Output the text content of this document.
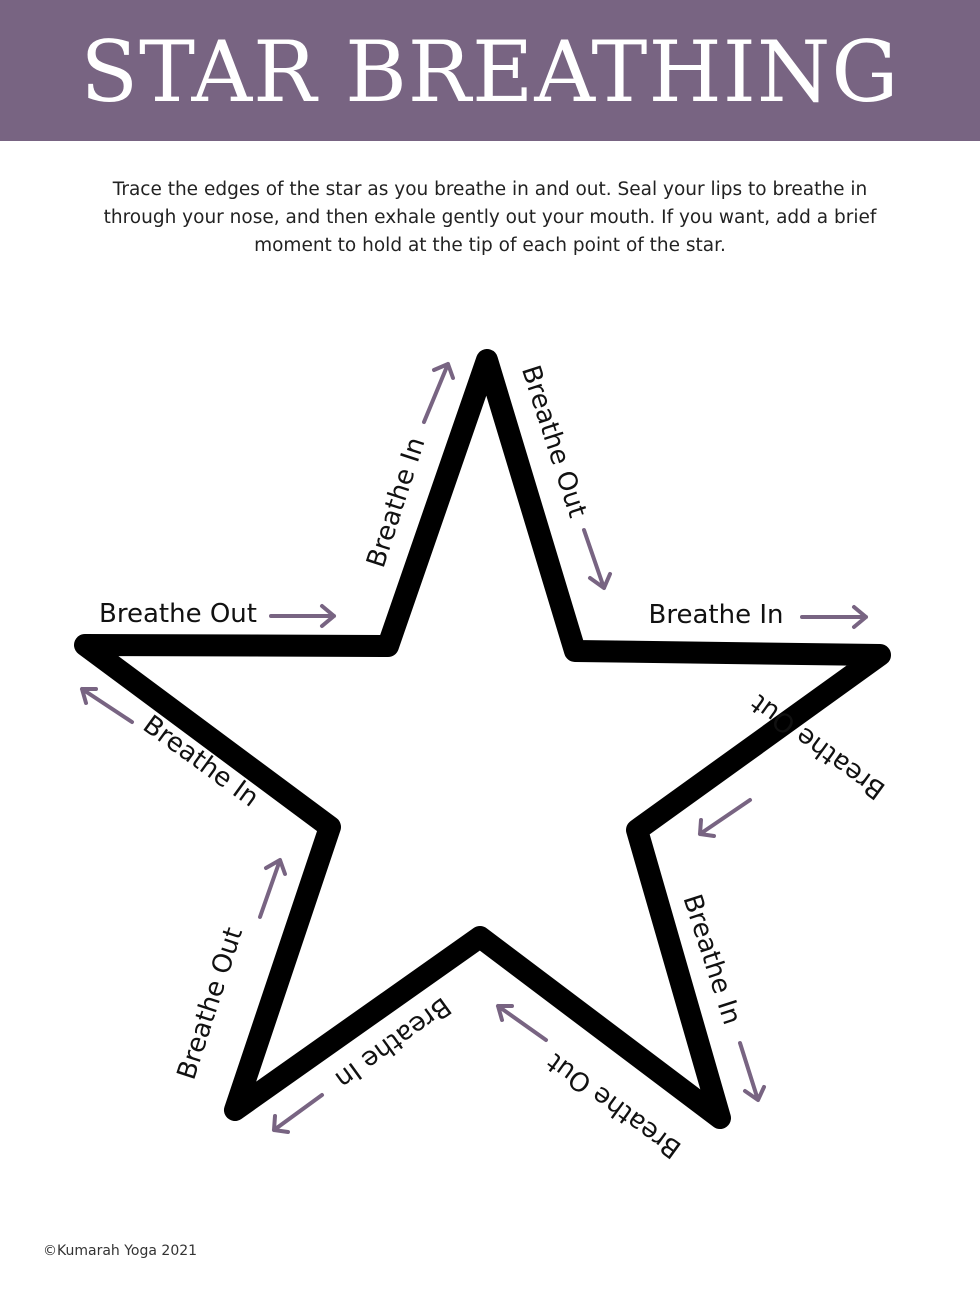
STAR BREATHING

Trace the edges of the star as you breathe in and out. Seal your lips to breathe in through your nose, and then exhale gently out your mouth. If you want, add a brief moment to hold at the tip of each point of the star.

Breathe In	Breathe Out
Breathe In
Breathe Out
Breathe In
Breathe Out
Breathe In
Breathe Out
Breathe In
Breathe Out
©Kumarah Yoga 2021
